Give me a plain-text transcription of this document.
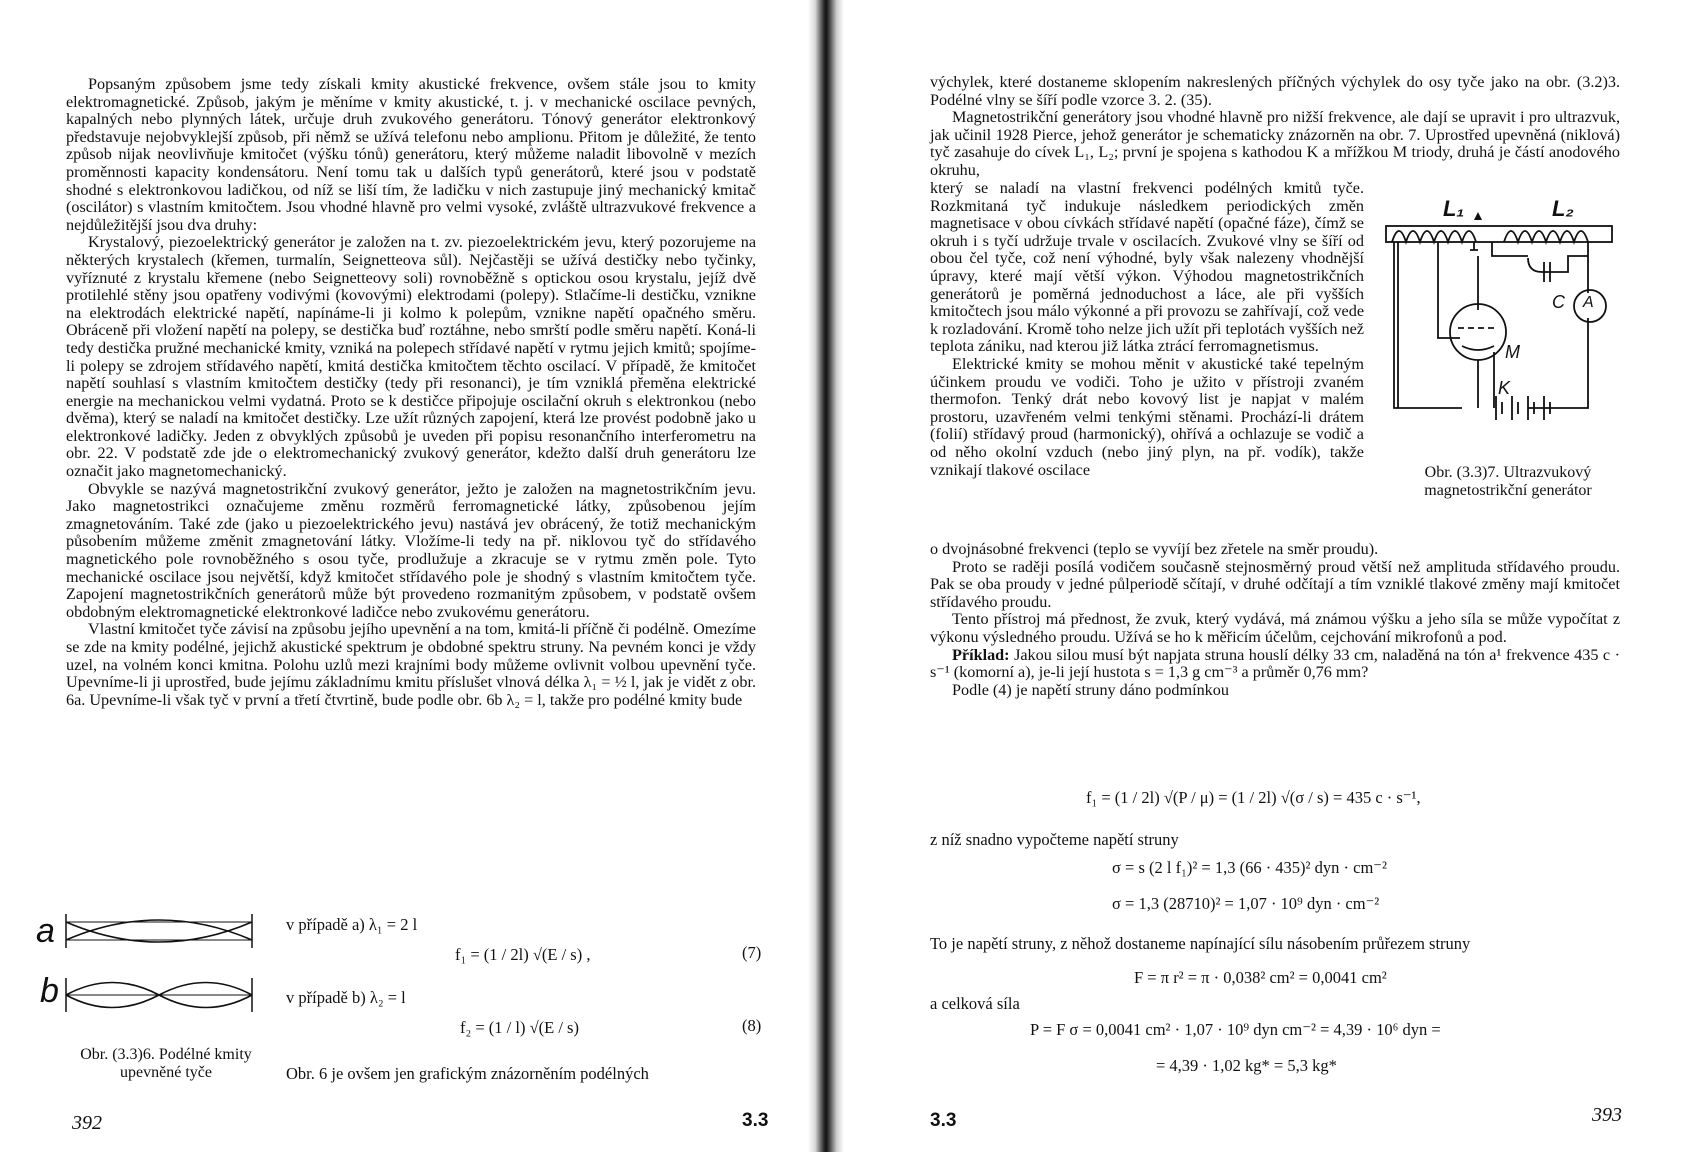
Popsaným způsobem jsme tedy získali kmity akustické frekvence, ovšem stále jsou to kmity elektromagnetické. Způsob, jakým je měníme v kmity akustické, t. j. v mechanické oscilace pevných, kapalných nebo plynných látek, určuje druh zvukového generátoru. Tónový generátor elektronkový představuje nejobvyklejší způsob, při němž se užívá telefonu nebo amplionu. Přitom je důležité, že tento způsob nijak neovlivňuje kmitočet (výšku tónů) generátoru, který můžeme naladit libovolně v mezích proměnnosti kapacity kondensátoru. Není tomu tak u dalších typů generátorů, které jsou v podstatě shodné s elektronkovou ladičkou, od níž se liší tím, že ladičku v nich zastupuje jiný mechanický kmitač (oscilátor) s vlastním kmitočtem. Jsou vhodné hlavně pro velmi vysoké, zvláště ultrazvukové frekvence a nejdůležitější jsou dva druhy:

Krystalový, piezoelektrický generátor je založen na t. zv. piezoelektrickém jevu, který pozorujeme na některých krystalech (křemen, turmalín, Seignetteova sůl). Nejčastěji se užívá destičky nebo tyčinky, vyříznuté z krystalu křemene (nebo Seignetteovy soli) rovnoběžně s optickou osou krystalu, jejíž dvě protilehlé stěny jsou opatřeny vodivými (kovovými) elektrodami (polepy). Stlačíme-li destičku, vznikne na elektrodách elektrické napětí, napínáme-li ji kolmo k polepům, vznikne napětí opačného směru. Obráceně při vložení napětí na polepy, se destička buď roztáhne, nebo smrští podle směru napětí. Koná-li tedy destička pružné mechanické kmity, vzniká na polepech střídavé napětí v rytmu jejich kmitů; spojíme-li polepy se zdrojem střídavého napětí, kmitá destička kmitočtem těchto oscilací. V případě, že kmitočet napětí souhlasí s vlastním kmitočtem destičky (tedy při resonanci), je tím vzniklá přeměna elektrické energie na mechanickou velmi vydatná. Proto se k destičce připojuje oscilační okruh s elektronkou (nebo dvěma), který se naladí na kmitočet destičky. Lze užít různých zapojení, která lze provést podobně jako u elektronkové ladičky. Jeden z obvyklých způsobů je uveden při popisu resonančního interferometru na obr. 22. V podstatě zde jde o elektromechanický zvukový generátor, kdežto další druh generátoru lze označit jako magnetomechanický.

Obvykle se nazývá magnetostrikční zvukový generátor, ježto je založen na magnetostrikčním jevu. Jako magnetostrikci označujeme změnu rozměrů ferromagnetické látky, způsobenou jejím zmagnetováním. Také zde (jako u piezoelektrického jevu) nastává jev obrácený, že totiž mechanickým působením můžeme změnit zmagnetování látky. Vložíme-li tedy na př. niklovou tyč do střídavého magnetického pole rovnoběžného s osou tyče, prodlužuje a zkracuje se v rytmu změn pole. Tyto mechanické oscilace jsou největší, když kmitočet střídavého pole je shodný s vlastním kmitočtem tyče. Zapojení magnetostrikčních generátorů může být provedeno rozmanitým způsobem, v podstatě ovšem obdobným elektromagnetické elektronkové ladičce nebo zvukovému generátoru.

Vlastní kmitočet tyče závisí na způsobu jejího upevnění a na tom, kmitá-li příčně či podélně. Omezíme se zde na kmity podélné, jejichž akustické spektrum je obdobné spektru struny. Na pevném konci je vždy uzel, na volném konci kmitna. Polohu uzlů mezi krajními body můžeme ovlivnit volbou upevnění tyče. Upevníme-li ji uprostřed, bude jejímu základnímu kmitu příslušet vlnová délka λ₁ = ½ l, jak je vidět z obr. 6a. Upevníme-li však tyč v první a třetí čtvrtině, bude podle obr. 6b λ₂ = l, takže pro podélné kmity bude

a
b
Obr. (3.3)6. Podélné kmity upevněné tyče
v případě a) λ₁ = 2 l
f₁ = (1 / 2l) √(E / s) ,	(7)
v případě b) λ₂ = l
f₂ = (1 / l) √(E / s)	(8)
Obr. 6 je ovšem jen grafickým znázorněním podélných
392	3.3

výchylek, které dostaneme sklopením nakreslených příčných výchylek do osy tyče jako na obr. (3.2)3. Podélné vlny se šíří podle vzorce 3. 2. (35).

Magnetostrikční generátory jsou vhodné hlavně pro nižší frekvence, ale dají se upravit i pro ultrazvuk, jak učinil 1928 Pierce, jehož generátor je schematicky znázorněn na obr. 7. Uprostřed upevněná (niklová) tyč zasahuje do cívek L₁, L₂; první je spojena s kathodou K a mřížkou M triody, druhá je částí anodového okruhu,

který se naladí na vlastní frekvenci podélných kmitů tyče. Rozkmitaná tyč indukuje následkem periodických změn magnetisace v obou cívkách střídavé napětí (opačné fáze), čímž se okruh i s tyčí udržuje trvale v oscilacích. Zvukové vlny se šíří od obou čel tyče, což není výhodné, byly však nalezeny vhodnější úpravy, které mají větší výkon. Výhodou magnetostrikčních generátorů je poměrná jednoduchost a láce, ale při vyšších kmitočtech jsou málo výkonné a při provozu se zahřívají, což vede k rozladování. Kromě toho nelze jich užít při teplotách vyšších než teplota zániku, nad kterou již látka ztrácí ferromagnetismus.

Elektrické kmity se mohou měnit v akustické také tepelným účinkem proudu ve vodiči. Toho je užito v přístroji zvaném thermofon. Tenký drát nebo kovový list je napjat v malém prostoru, uzavřeném velmi tenkými stěnami. Prochází-li drátem (folií) střídavý proud (harmonický), ohřívá a ochlazuje se vodič a od něho okolní vzduch (nebo jiný plyn, na př. vodík), takže vznikají tlakové oscilace

o dvojnásobné frekvenci (teplo se vyvíjí bez zřetele na směr proudu).

Proto se raději posílá vodičem současně stejnosměrný proud větší než amplituda střídavého proudu. Pak se oba proudy v jedné půlperiodě sčítají, v druhé odčítají a tím vzniklé tlakové změny mají kmitočet střídavého proudu.

Tento přístroj má přednost, že zvuk, který vydává, má známou výšku a jeho síla se může vypočítat z výkonu výsledného proudu. Užívá se ho k měřicím účelům, cejchování mikrofonů a pod.

Příklad: Jakou silou musí být napjata struna houslí délky 33 cm, naladěná na tón a¹ frekvence 435 c · s⁻¹ (komorní a), je-li její hustota s = 1,3 g cm⁻³ a průměr 0,76 mm?

Podle (4) je napětí struny dáno podmínkou

L₁	L₂
C A
M
K
Obr. (3.3)7. Ultrazvukový magnetostrikční generátor
f₁ = (1 / 2l) √(P / μ) = (1 / 2l) √(σ / s) = 435 c · s⁻¹,
z níž snadno vypočteme napětí struny
σ = s (2 l f₁)² = 1,3 (66 · 435)² dyn · cm⁻²
σ = 1,3 (28710)² = 1,07 · 10⁹ dyn · cm⁻²
To je napětí struny, z něhož dostaneme napínající sílu násobením průřezem struny
F = π r² = π · 0,038² cm² = 0,0041 cm²
a celková síla
P = F σ = 0,0041 cm² · 1,07 · 10⁹ dyn cm⁻² = 4,39 · 10⁶ dyn =
= 4,39 · 1,02 kg* = 5,3 kg*
3.3	393
